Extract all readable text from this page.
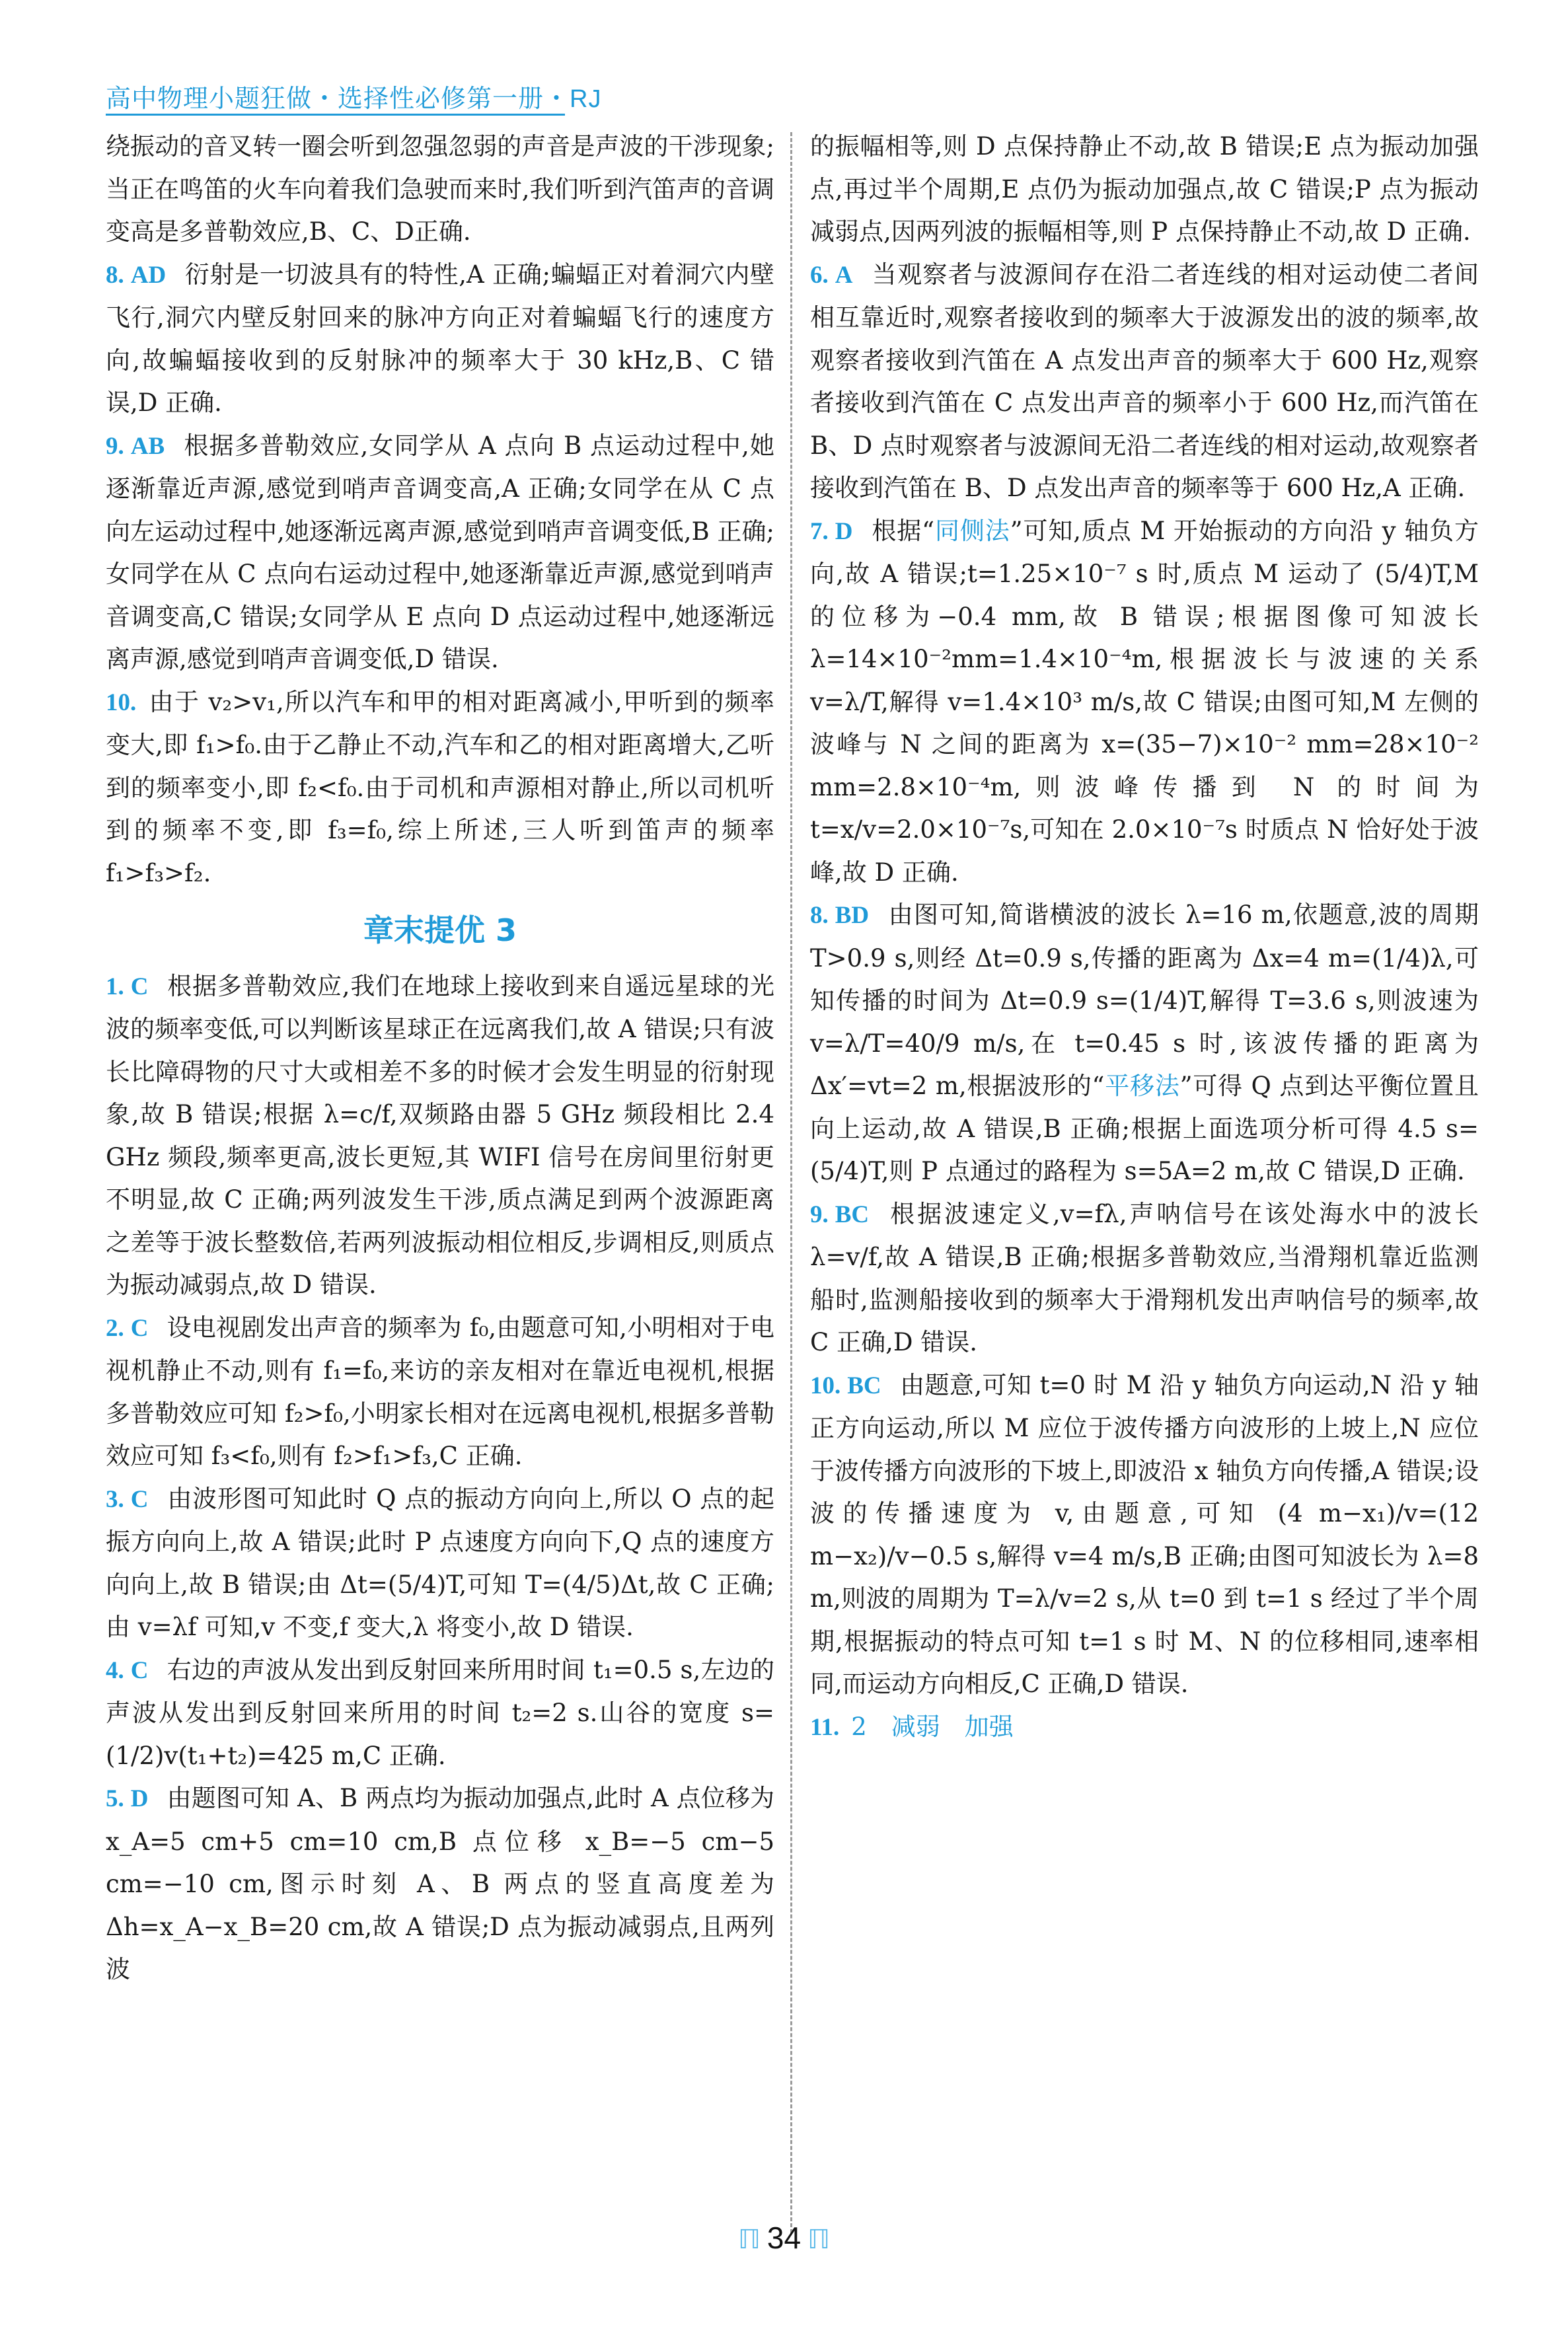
高中物理小题狂做・选择性必修第一册・RJ

绕振动的音叉转一圈会听到忽强忽弱的声音是声波的干涉现象;当正在鸣笛的火车向着我们急驶而来时,我们听到汽笛声的音调变高是多普勒效应,B、C、D正确.

8. AD 衍射是一切波具有的特性,A 正确;蝙蝠正对着洞穴内壁飞行,洞穴内壁反射回来的脉冲方向正对着蝙蝠飞行的速度方向,故蝙蝠接收到的反射脉冲的频率大于 30 kHz,B、C 错误,D 正确.

9. AB 根据多普勒效应,女同学从 A 点向 B 点运动过程中,她逐渐靠近声源,感觉到哨声音调变高,A 正确;女同学在从 C 点向左运动过程中,她逐渐远离声源,感觉到哨声音调变低,B 正确;女同学在从 C 点向右运动过程中,她逐渐靠近声源,感觉到哨声音调变高,C 错误;女同学从 E 点向 D 点运动过程中,她逐渐远离声源,感觉到哨声音调变低,D 错误.

10. 由于 v₂>v₁,所以汽车和甲的相对距离减小,甲听到的频率变大,即 f₁>f₀.由于乙静止不动,汽车和乙的相对距离增大,乙听到的频率变小,即 f₂<f₀.由于司机和声源相对静止,所以司机听到的频率不变,即 f₃=f₀,综上所述,三人听到笛声的频率 f₁>f₃>f₂.

章末提优 3

1. C 根据多普勒效应,我们在地球上接收到来自遥远星球的光波的频率变低,可以判断该星球正在远离我们,故 A 错误;只有波长比障碍物的尺寸大或相差不多的时候才会发生明显的衍射现象,故 B 错误;根据 λ=c/f,双频路由器 5 GHz 频段相比 2.4 GHz 频段,频率更高,波长更短,其 WIFI 信号在房间里衍射更不明显,故 C 正确;两列波发生干涉,质点满足到两个波源距离之差等于波长整数倍,若两列波振动相位相反,步调相反,则质点为振动减弱点,故 D 错误.

2. C 设电视剧发出声音的频率为 f₀,由题意可知,小明相对于电视机静止不动,则有 f₁=f₀,来访的亲友相对在靠近电视机,根据多普勒效应可知 f₂>f₀,小明家长相对在远离电视机,根据多普勒效应可知 f₃<f₀,则有 f₂>f₁>f₃,C 正确.

3. C 由波形图可知此时 Q 点的振动方向向上,所以 O 点的起振方向向上,故 A 错误;此时 P 点速度方向向下,Q 点的速度方向向上,故 B 错误;由 Δt=(5/4)T,可知 T=(4/5)Δt,故 C 正确;由 v=λf 可知,v 不变,f 变大,λ 将变小,故 D 错误.

4. C 右边的声波从发出到反射回来所用时间 t₁=0.5 s,左边的声波从发出到反射回来所用的时间 t₂=2 s.山谷的宽度 s=(1/2)v(t₁+t₂)=425 m,C 正确.

5. D 由题图可知 A、B 两点均为振动加强点,此时 A 点位移为 x_A=5 cm+5 cm=10 cm,B 点位移 x_B=−5 cm−5 cm=−10 cm,图示时刻 A、B 两点的竖直高度差为 Δh=x_A−x_B=20 cm,故 A 错误;D 点为振动减弱点,且两列波

的振幅相等,则 D 点保持静止不动,故 B 错误;E 点为振动加强点,再过半个周期,E 点仍为振动加强点,故 C 错误;P 点为振动减弱点,因两列波的振幅相等,则 P 点保持静止不动,故 D 正确.

6. A 当观察者与波源间存在沿二者连线的相对运动使二者间相互靠近时,观察者接收到的频率大于波源发出的波的频率,故观察者接收到汽笛在 A 点发出声音的频率大于 600 Hz,观察者接收到汽笛在 C 点发出声音的频率小于 600 Hz,而汽笛在 B、D 点时观察者与波源间无沿二者连线的相对运动,故观察者接收到汽笛在 B、D 点发出声音的频率等于 600 Hz,A 正确.

7. D 根据“同侧法”可知,质点 M 开始振动的方向沿 y 轴负方向,故 A 错误;t=1.25×10⁻⁷ s 时,质点 M 运动了 (5/4)T,M 的位移为−0.4 mm,故 B 错误;根据图像可知波长 λ=14×10⁻²mm=1.4×10⁻⁴m,根据波长与波速的关系 v=λ/T,解得 v=1.4×10³ m/s,故 C 错误;由图可知,M 左侧的波峰与 N 之间的距离为 x=(35−7)×10⁻² mm=28×10⁻² mm=2.8×10⁻⁴m,则波峰传播到 N 的时间为 t=x/v=2.0×10⁻⁷s,可知在 2.0×10⁻⁷s 时质点 N 恰好处于波峰,故 D 正确.

8. BD 由图可知,简谐横波的波长 λ=16 m,依题意,波的周期 T>0.9 s,则经 Δt=0.9 s,传播的距离为 Δx=4 m=(1/4)λ,可知传播的时间为 Δt=0.9 s=(1/4)T,解得 T=3.6 s,则波速为 v=λ/T=40/9 m/s,在 t=0.45 s 时,该波传播的距离为 Δx′=vt=2 m,根据波形的“平移法”可得 Q 点到达平衡位置且向上运动,故 A 错误,B 正确;根据上面选项分析可得 4.5 s=(5/4)T,则 P 点通过的路程为 s=5A=2 m,故 C 错误,D 正确.

9. BC 根据波速定义,v=fλ,声呐信号在该处海水中的波长 λ=v/f,故 A 错误,B 正确;根据多普勒效应,当滑翔机靠近监测船时,监测船接收到的频率大于滑翔机发出声呐信号的频率,故 C 正确,D 错误.

10. BC 由题意,可知 t=0 时 M 沿 y 轴负方向运动,N 沿 y 轴正方向运动,所以 M 应位于波传播方向波形的上坡上,N 应位于波传播方向波形的下坡上,即波沿 x 轴负方向传播,A 错误;设波的传播速度为 v,由题意,可知 (4 m−x₁)/v=(12 m−x₂)/v−0.5 s,解得 v=4 m/s,B 正确;由图可知波长为 λ=8 m,则波的周期为 T=λ/v=2 s,从 t=0 到 t=1 s 经过了半个周期,根据振动的特点可知 t=1 s 时 M、N 的位移相同,速率相同,而运动方向相反,C 正确,D 错误.

11. 2　减弱　加强

ℿ 34 ℿ
